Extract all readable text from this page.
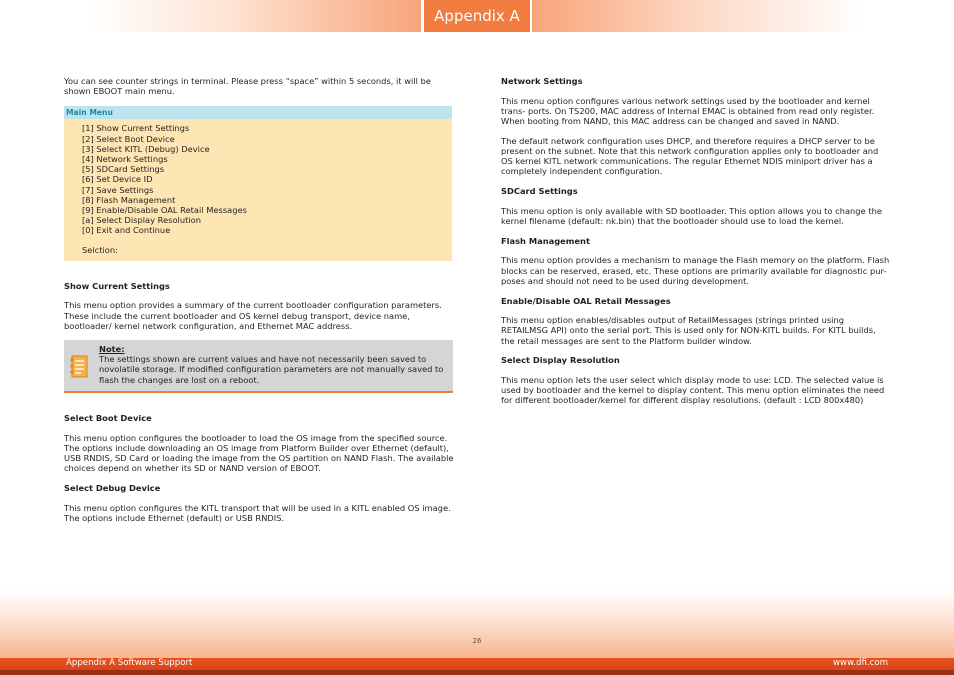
Appendix A

You can see counter strings in terminal. Please press “space” within 5 seconds, it will be shown EBOOT main menu.

Main Menu
[1] Show Current Settings
[2] Select Boot Device
[3] Select KITL (Debug) Device
[4] Network Settings
[5] SDCard Settings
[6] Set Device ID
[7] Save Settings
[8] Flash Management
[9] Enable/Disable OAL Retail Messages
[a] Select Display Resolution
[0] Exit and Continue
Selction:

Show Current Settings

This menu option provides a summary of the current bootloader configuration parameters. These include the current bootloader and OS kernel debug transport, device name, bootloader/ kernel network configuration, and Ethernet MAC address.

Note:
The settings shown are current values and have not necessarily been saved to novolatile storage. If modified configuration parameters are not manually saved to flash the changes are lost on a reboot.

Select Boot Device

This menu option configures the bootloader to load the OS image from the specified source. The options include downloading an OS image from Platform Builder over Ethernet (default), USB RNDIS, SD Card or loading the image from the OS partition on NAND Flash. The available choices depend on whether its SD or NAND version of EBOOT.

Select Debug Device

This menu option configures the KITL transport that will be used in a KITL enabled OS image. The options include Ethernet (default) or USB RNDIS.

Network Settings

This menu option configures various network settings used by the bootloader and kernel trans- ports. On TS200, MAC address of Internal EMAC is obtained from read only register. When booting from NAND, this MAC address can be changed and saved in NAND.

The default network configuration uses DHCP, and therefore requires a DHCP server to be present on the subnet. Note that this network configuration applies only to bootloader and OS kernel KITL network communications. The regular Ethernet NDIS miniport driver has a completely independent configuration.

SDCard Settings

This menu option is only available with SD bootloader. This option allows you to change the kernel filename (default: nk.bin) that the bootloader should use to load the kernel.

Flash Management

This menu option provides a mechanism to manage the Flash memory on the platform. Flash blocks can be reserved, erased, etc. These options are primarily available for diagnostic pur- poses and should not need to be used during development.

Enable/Disable OAL Retail Messages

This menu option enables/disables output of RetailMessages (strings printed using RETAILMSG API) onto the serial port. This is used only for NON-KITL builds. For KITL builds, the retail messages are sent to the Platform builder window.

Select Display Resolution

This menu option lets the user select which display mode to use: LCD. The selected value is used by bootloader and the kernel to display content. This menu option eliminates the need for different bootloader/kernel for different display resolutions. (default : LCD 800x480)

26
Appendix A Software Support	www.dfi.com
